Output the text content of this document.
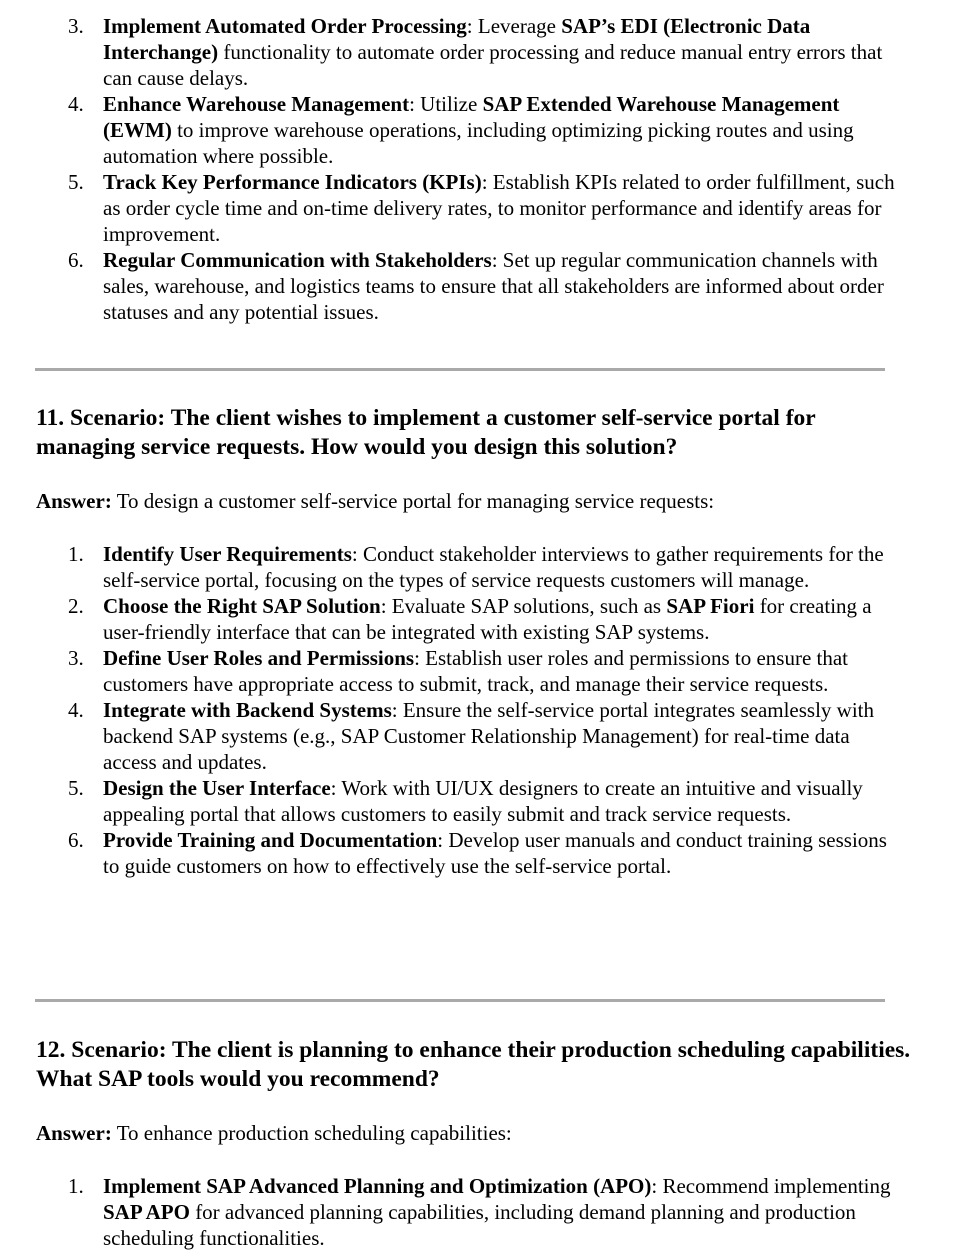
3. Implement Automated Order Processing: Leverage SAP’s EDI (Electronic Data Interchange) functionality to automate order processing and reduce manual entry errors that can cause delays.
4. Enhance Warehouse Management: Utilize SAP Extended Warehouse Management (EWM) to improve warehouse operations, including optimizing picking routes and using automation where possible.
5. Track Key Performance Indicators (KPIs): Establish KPIs related to order fulfillment, such as order cycle time and on-time delivery rates, to monitor performance and identify areas for improvement.
6. Regular Communication with Stakeholders: Set up regular communication channels with sales, warehouse, and logistics teams to ensure that all stakeholders are informed about order statuses and any potential issues.
11. Scenario: The client wishes to implement a customer self-service portal for managing service requests. How would you design this solution?

Answer: To design a customer self-service portal for managing service requests:

1. Identify User Requirements: Conduct stakeholder interviews to gather requirements for the self-service portal, focusing on the types of service requests customers will manage.
2. Choose the Right SAP Solution: Evaluate SAP solutions, such as SAP Fiori for creating a user-friendly interface that can be integrated with existing SAP systems.
3. Define User Roles and Permissions: Establish user roles and permissions to ensure that customers have appropriate access to submit, track, and manage their service requests.
4. Integrate with Backend Systems: Ensure the self-service portal integrates seamlessly with backend SAP systems (e.g., SAP Customer Relationship Management) for real-time data access and updates.
5. Design the User Interface: Work with UI/UX designers to create an intuitive and visually appealing portal that allows customers to easily submit and track service requests.
6. Provide Training and Documentation: Develop user manuals and conduct training sessions to guide customers on how to effectively use the self-service portal.
12. Scenario: The client is planning to enhance their production scheduling capabilities. What SAP tools would you recommend?

Answer: To enhance production scheduling capabilities:

1. Implement SAP Advanced Planning and Optimization (APO): Recommend implementing SAP APO for advanced planning capabilities, including demand planning and production scheduling functionalities.
